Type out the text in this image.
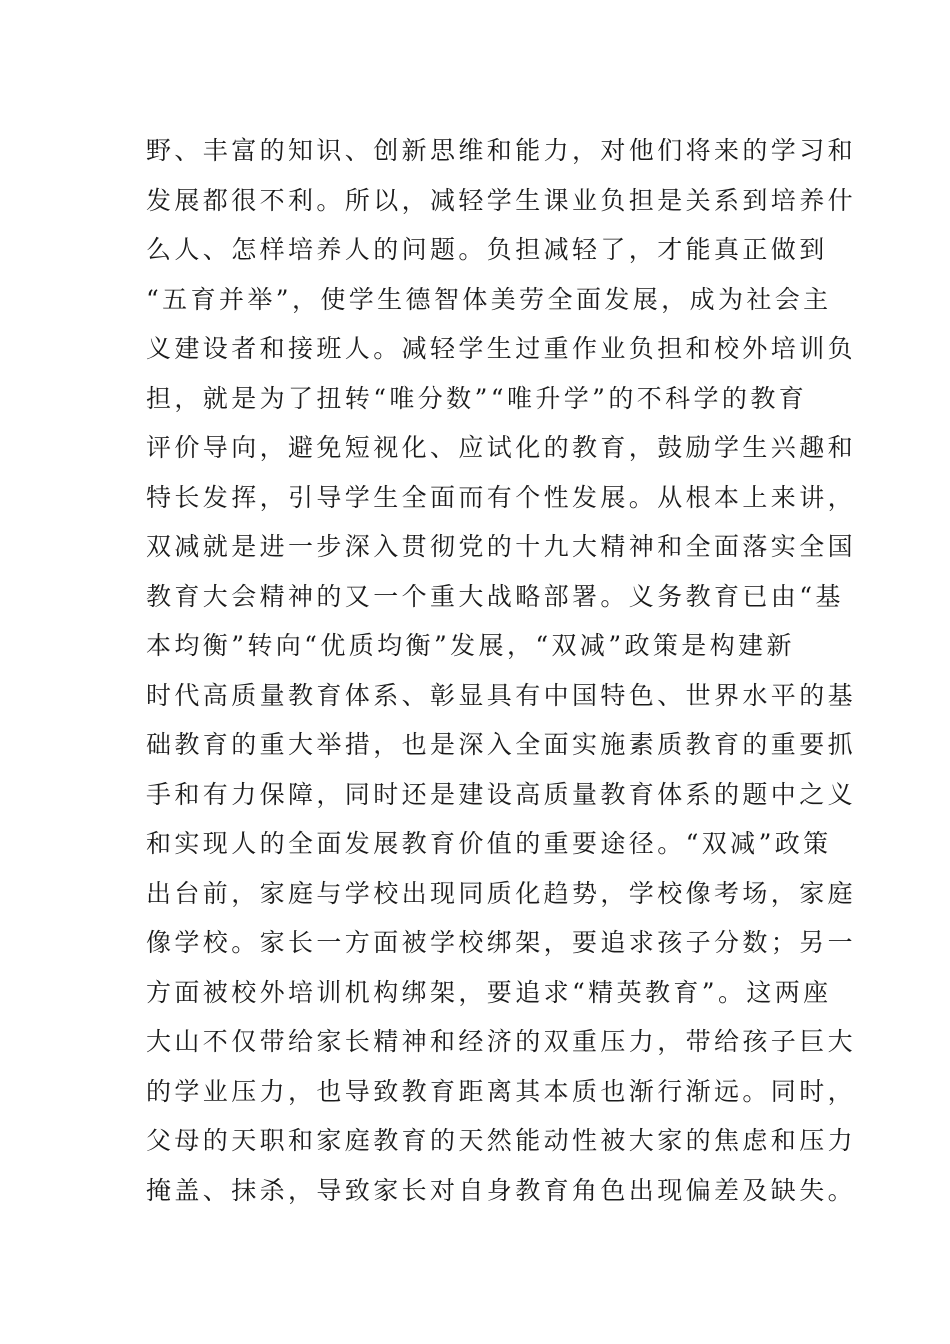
野、丰富的知识、创新思维和能力，对他们将来的学习和
发展都很不利。所以，减轻学生课业负担是关系到培养什
么人、怎样培养人的问题。负担减轻了，才能真正做到
“五育并举”，使学生德智体美劳全面发展，成为社会主
义建设者和接班人。减轻学生过重作业负担和校外培训负
担，就是为了扭转“唯分数”“唯升学”的不科学的教育
评价导向，避免短视化、应试化的教育，鼓励学生兴趣和
特长发挥，引导学生全面而有个性发展。从根本上来讲，
双减就是进一步深入贯彻党的十九大精神和全面落实全国
教育大会精神的又一个重大战略部署。义务教育已由“基
本均衡”转向“优质均衡”发展，“双减”政策是构建新
时代高质量教育体系、彰显具有中国特色、世界水平的基
础教育的重大举措，也是深入全面实施素质教育的重要抓
手和有力保障，同时还是建设高质量教育体系的题中之义
和实现人的全面发展教育价值的重要途径。“双减”政策
出台前，家庭与学校出现同质化趋势，学校像考场，家庭
像学校。家长一方面被学校绑架，要追求孩子分数；另一
方面被校外培训机构绑架，要追求“精英教育”。这两座
大山不仅带给家长精神和经济的双重压力，带给孩子巨大
的学业压力，也导致教育距离其本质也渐行渐远。同时，
父母的天职和家庭教育的天然能动性被大家的焦虑和压力
掩盖、抹杀，导致家长对自身教育角色出现偏差及缺失。
